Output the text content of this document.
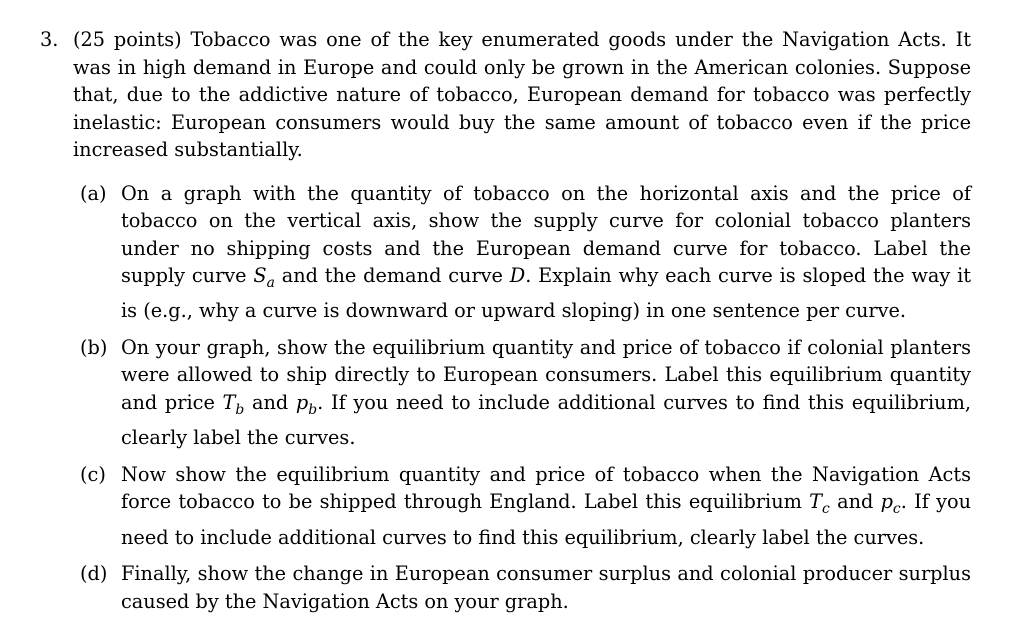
3. (25 points) Tobacco was one of the key enumerated goods under the Navigation Acts. It was in high demand in Europe and could only be grown in the American colonies. Suppose that, due to the addictive nature of tobacco, European demand for tobacco was perfectly inelastic: European consumers would buy the same amount of tobacco even if the price increased substantially.

(a) On a graph with the quantity of tobacco on the horizontal axis and the price of tobacco on the vertical axis, show the supply curve for colonial tobacco planters under no shipping costs and the European demand curve for tobacco. Label the supply curve $S_a$ and the demand curve D. Explain why each curve is sloped the way it is (e.g., why a curve is downward or upward sloping) in one sentence per curve.
(b) On your graph, show the equilibrium quantity and price of tobacco if colonial planters were allowed to ship directly to European consumers. Label this equilibrium quantity and price $T_b$ and $p_b$. If you need to include additional curves to find this equilibrium, clearly label the curves.
(c) Now show the equilibrium quantity and price of tobacco when the Navigation Acts force tobacco to be shipped through England. Label this equilibrium $T_c$ and $p_c$. If you need to include additional curves to find this equilibrium, clearly label the curves.
(d) Finally, show the change in European consumer surplus and colonial producer surplus caused by the Navigation Acts on your graph.
